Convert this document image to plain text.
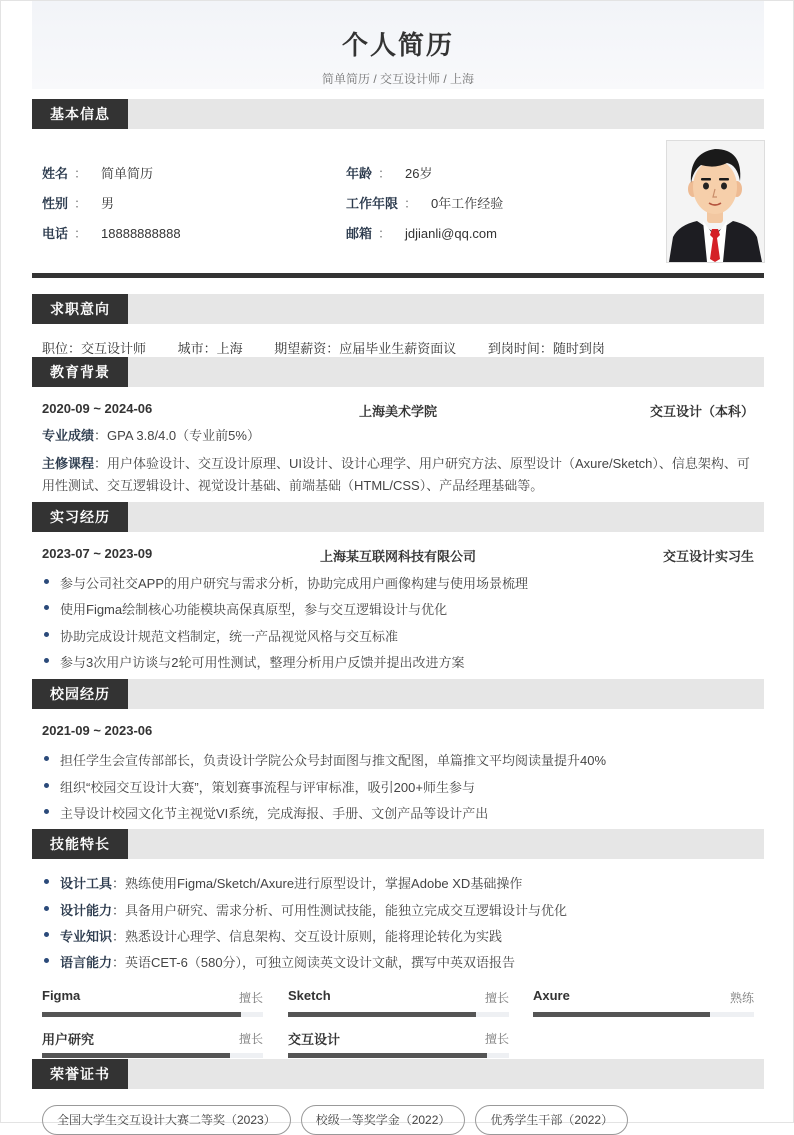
个人简历
简单简历 / 交互设计师 / 上海
基本信息
姓名 ： 简单简历	年龄 ： 26岁
性别 ： 男	工作年限 ： 0年工作经验
电话 ： 18888888888	邮箱 ： jdjianli@qq.com
求职意向
职位：交互设计师 城市：上海 期望薪资：应届毕业生薪资面议 到岗时间：随时到岗
教育背景
2020-09 ~ 2024-06	上海美术学院	交互设计（本科）
专业成绩：GPA 3.8/4.0（专业前5%）
主修课程：用户体验设计、交互设计原理、UI设计、设计心理学、用户研究方法、原型设计（Axure/Sketch）、信息架构、可用性测试、交互逻辑设计、视觉设计基础、前端基础（HTML/CSS）、产品经理基础等。
实习经历
2023-07 ~ 2023-09	上海某互联网科技有限公司	交互设计实习生
参与公司社交APP的用户研究与需求分析，协助完成用户画像构建与使用场景梳理
使用Figma绘制核心功能模块高保真原型，参与交互逻辑设计与优化
协助完成设计规范文档制定，统一产品视觉风格与交互标准
参与3次用户访谈与2轮可用性测试，整理分析用户反馈并提出改进方案
校园经历
2021-09 ~ 2023-06
担任学生会宣传部部长，负责设计学院公众号封面图与推文配图，单篇推文平均阅读量提升40%
组织“校园交互设计大赛”，策划赛事流程与评审标准，吸引200+师生参与
主导设计校园文化节主视觉VI系统，完成海报、手册、文创产品等设计产出
技能特长
设计工具：熟练使用Figma/Sketch/Axure进行原型设计，掌握Adobe XD基础操作
设计能力：具备用户研究、需求分析、可用性测试技能，能独立完成交互逻辑设计与优化
专业知识：熟悉设计心理学、信息架构、交互设计原则，能将理论转化为实践
语言能力：英语CET-6（580分），可独立阅读英文设计文献，撰写中英双语报告
Figma	擅长 Sketch	擅长 Axure	熟练
用户研究	擅长 交互设计	擅长
荣誉证书
全国大学生交互设计大赛二等奖（2023）	校级一等奖学金（2022）	优秀学生干部（2022）
